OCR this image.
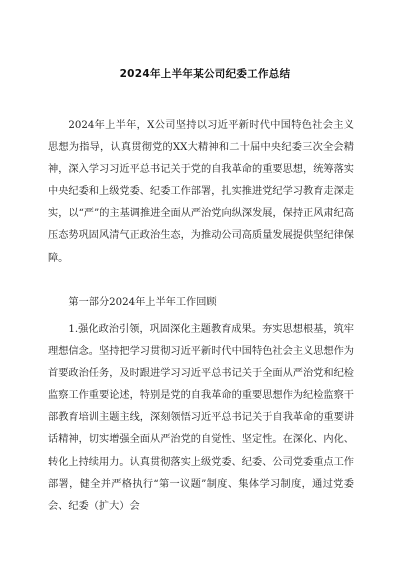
2024年上半年某公司纪委工作总结

2024年上半年，X公司坚持以习近平新时代中国特色社会主义思想为指导，认真贯彻党的XX大精神和二十届中央纪委三次全会精神，深入学习习近平总书记关于党的自我革命的重要思想，统筹落实中央纪委和上级党委、纪委工作部署，扎实推进党纪学习教育走深走实，以“严”的主基调推进全面从严治党向纵深发展，保持正风肃纪高压态势巩固风清气正政治生态，为推动公司高质量发展提供坚纪律保障。

第一部分2024年上半年工作回顾

1.强化政治引领，巩固深化主题教育成果。夯实思想根基，筑牢理想信念。坚持把学习贯彻习近平新时代中国特色社会主义思想作为首要政治任务，及时跟进学习习近平总书记关于全面从严治党和纪检监察工作重要论述，特别是党的自我革命的重要思想作为纪检监察干部教育培训主题主线，深刻领悟习近平总书记关于自我革命的重要讲话精神，切实增强全面从严治党的自觉性、坚定性。在深化、内化、转化上持续用力。认真贯彻落实上级党委、纪委、公司党委重点工作部署，健全并严格执行“第一议题”制度、集体学习制度，通过党委会、纪委（扩大）会
